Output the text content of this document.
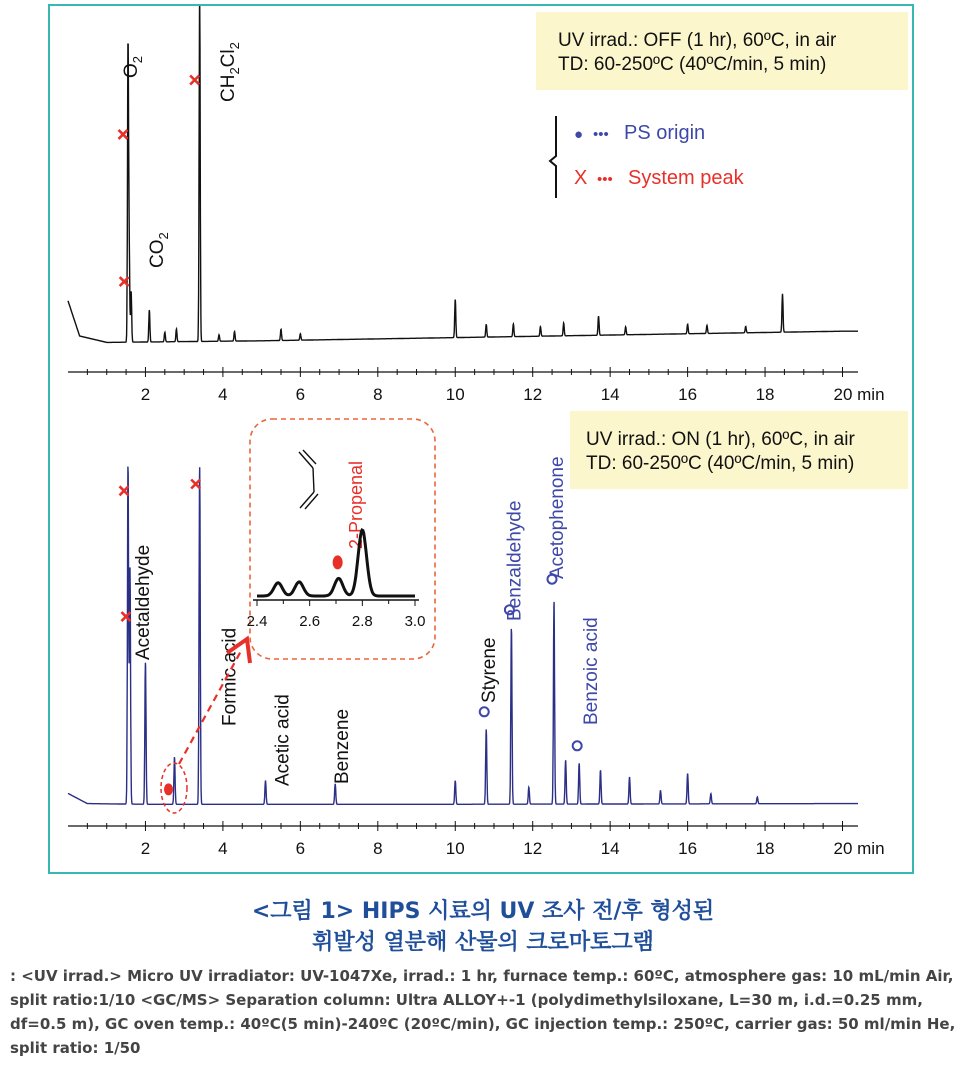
UV irrad.: OFF (1 hr), 60ºC, in air
TD: 60-250ºC (40ºC/min, 5 min)
● ••• PS origin
X ••• System peak
$O_2$
$CO_2$
$CH_2Cl_2$
2	4	6	8	10	12	14	16	18	20 min
UV irrad.: ON (1 hr), 60ºC, in air
TD: 60-250ºC (40ºC/min, 5 min)
2	4	6	8	10	12	14	16	18	20 min
Acetaldehyde
Formic acid
Acetic acid Benzene
Styrene
Benzaldehyde Acetophenone
Benzoic acid
2-Propenal
2.4 2.6 2.8 3.0
<그림 1> HIPS 시료의 UV 조사 전/후 형성된
휘발성 열분해 산물의 크로마토그램
: <UV irrad.> Micro UV irradiator: UV-1047Xe, irrad.: 1 hr, furnace temp.: 60ºC, atmosphere gas: 10 mL/min Air, split ratio:1/10 <GC/MS> Separation column: Ultra ALLOY+-1 (polydimethylsiloxane, L=30 m, i.d.=0.25 mm, df=0.5 m), GC oven temp.: 40ºC(5 min)-240ºC (20ºC/min), GC injection temp.: 250ºC, carrier gas: 50 ml/min He, split ratio: 1/50
